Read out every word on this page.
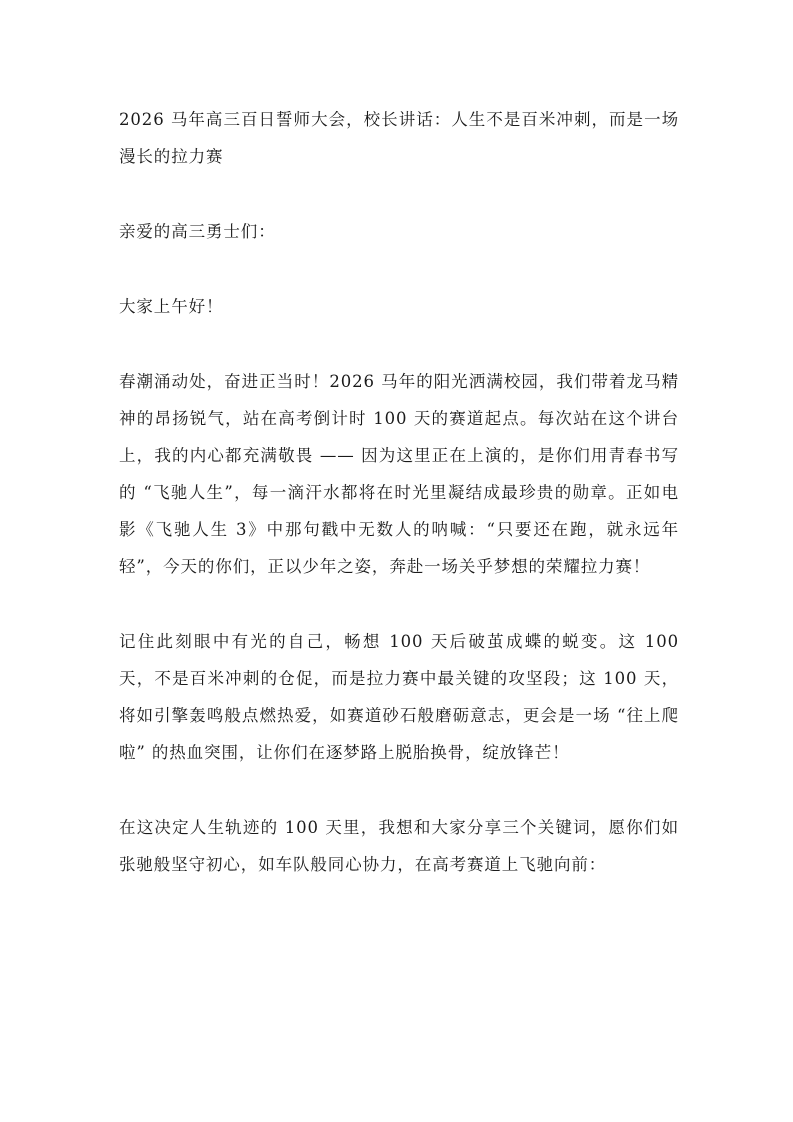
2026 马年高三百日誓师大会，校长讲话：人生不是百米冲刺，而是一场漫长的拉力赛

亲爱的高三勇士们：

大家上午好！

春潮涌动处，奋进正当时！2026 马年的阳光洒满校园，我们带着龙马精神的昂扬锐气，站在高考倒计时 100 天的赛道起点。每次站在这个讲台上，我的内心都充满敬畏 —— 因为这里正在上演的，是你们用青春书写的 “飞驰人生”，每一滴汗水都将在时光里凝结成最珍贵的勋章。正如电影《飞驰人生 3》中那句戳中无数人的呐喊：“只要还在跑，就永远年轻”，今天的你们，正以少年之姿，奔赴一场关乎梦想的荣耀拉力赛！

记住此刻眼中有光的自己，畅想 100 天后破茧成蝶的蜕变。这 100 天，不是百米冲刺的仓促，而是拉力赛中最关键的攻坚段；这 100 天，将如引擎轰鸣般点燃热爱，如赛道砂石般磨砺意志，更会是一场 “往上爬啦” 的热血突围，让你们在逐梦路上脱胎换骨，绽放锋芒！

在这决定人生轨迹的 100 天里，我想和大家分享三个关键词，愿你们如张驰般坚守初心，如车队般同心协力，在高考赛道上飞驰向前：
